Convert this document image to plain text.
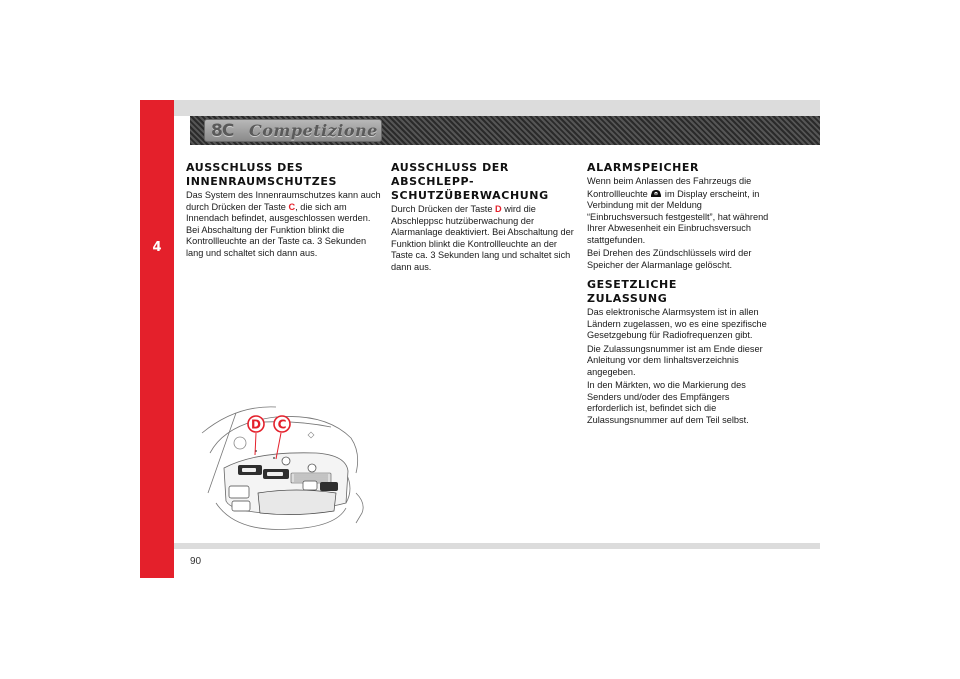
4
8C Competizione
AUSSCHLUSS DES
INNENRAUMSCHUTZES

Das System des Innenraumschutzes kann auch durch Drücken der Taste C, die sich am Innendach befindet, ausgeschlossen werden. Bei Abschaltung der Funktion blinkt die Kontrollleuchte an der Taste ca. 3 Sekunden lang und schaltet sich dann aus.

AUSSCHLUSS DER
ABSCHLEPP-
SCHUTZÜBERWACHUNG

Durch Drücken der Taste D wird die Abschleppsc hutzüberwachung der Alarmanlage deaktiviert. Bei Abschaltung der Funktion blinkt die Kontrollleuchte an der Taste ca. 3 Sekunden lang und schaltet sich dann aus.

ALARMSPEICHER

Wenn beim Anlassen des Fahrzeugs die Kontrollleuchte  im Display erscheint, in Verbindung mit der Meldung “Einbruchsversuch festgestellt”, hat während Ihrer Abwesenheit ein Einbruchsversuch stattgefunden.

Bei Drehen des Zündschlüssels wird der Speicher der Alarmanlage gelöscht.

GESETZLICHE
ZULASSUNG

Das elektronische Alarmsystem ist in allen Ländern zugelassen, wo es eine spezifische Gesetzgebung für Radiofrequenzen gibt.

Die Zulassungsnummer ist am Ende dieser Anleitung vor dem Iinhaltsverzeichnis angegeben.

In den Märkten, wo die Markierung des Senders und/oder des Empfängers erforderlich ist, befindet sich die Zulassungsnummer auf dem Teil selbst.

D C
90
